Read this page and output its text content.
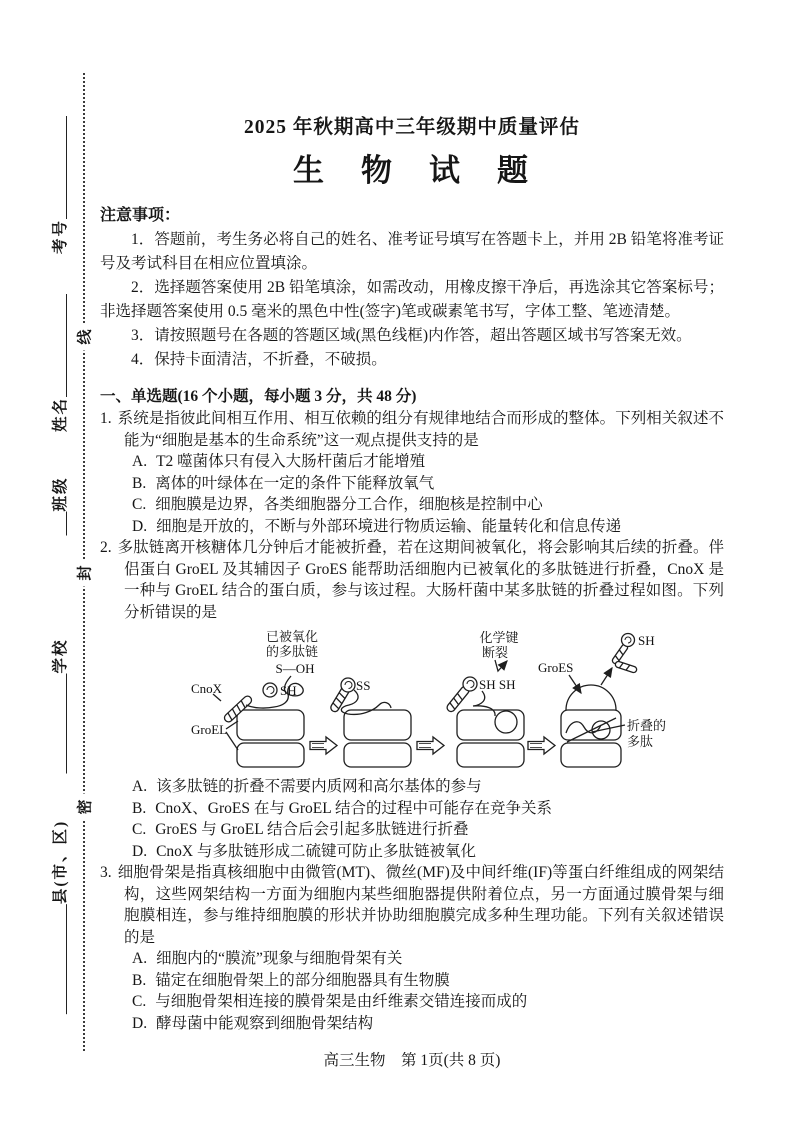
考号
姓名
班级
学校
县(市、区)
线
封
密
2025 年秋期高中三年级期中质量评估
生　物　试　题
注意事项：

1．答题前，考生务必将自己的姓名、准考证号填写在答题卡上，并用 2B 铅笔将准考证号及考试科目在相应位置填涂。

2．选择题答案使用 2B 铅笔填涂，如需改动，用橡皮擦干净后，再选涂其它答案标号；非选择题答案使用 0.5 毫米的黑色中性(签字)笔或碳素笔书写，字体工整、笔迹清楚。

3．请按照题号在各题的答题区域(黑色线框)内作答，超出答题区域书写答案无效。

4．保持卡面清洁，不折叠，不破损。

一、单选题(16 个小题，每小题 3 分，共 48 分)
1. 系统是指彼此间相互作用、相互依赖的组分有规律地结合而形成的整体。下列相关叙述不能为“细胞是基本的生命系统”这一观点提供支持的是
A. T2 噬菌体只有侵入大肠杆菌后才能增殖
B. 离体的叶绿体在一定的条件下能释放氧气
C. 细胞膜是边界，各类细胞器分工合作，细胞核是控制中心
D. 细胞是开放的，不断与外部环境进行物质运输、能量转化和信息传递
2. 多肽链离开核糖体几分钟后才能被折叠，若在这期间被氧化，将会影响其后续的折叠。伴侣蛋白 GroEL 及其辅因子 GroES 能帮助活细胞内已被氧化的多肽链进行折叠，CnoX 是一种与 GroEL 结合的蛋白质，参与该过程。大肠杆菌中某多肽链的折叠过程如图。下列分析错误的是
已被氧化
的多肽链
S—OH
CnoX	SH
GroEL
SS
化学键
断裂
SH SH
GroES
SH
折叠的
多肽
A. 该多肽链的折叠不需要内质网和高尔基体的参与
B. CnoX、GroES 在与 GroEL 结合的过程中可能存在竞争关系
C. GroES 与 GroEL 结合后会引起多肽链进行折叠
D. CnoX 与多肽链形成二硫键可防止多肽链被氧化
3. 细胞骨架是指真核细胞中由微管(MT)、微丝(MF)及中间纤维(IF)等蛋白纤维组成的网架结构，这些网架结构一方面为细胞内某些细胞器提供附着位点，另一方面通过膜骨架与细胞膜相连，参与维持细胞膜的形状并协助细胞膜完成多种生理功能。下列有关叙述错误的是
A. 细胞内的“膜流”现象与细胞骨架有关
B. 锚定在细胞骨架上的部分细胞器具有生物膜
C. 与细胞骨架相连接的膜骨架是由纤维素交错连接而成的
D. 酵母菌中能观察到细胞骨架结构
高三生物　第 1页(共 8 页)
